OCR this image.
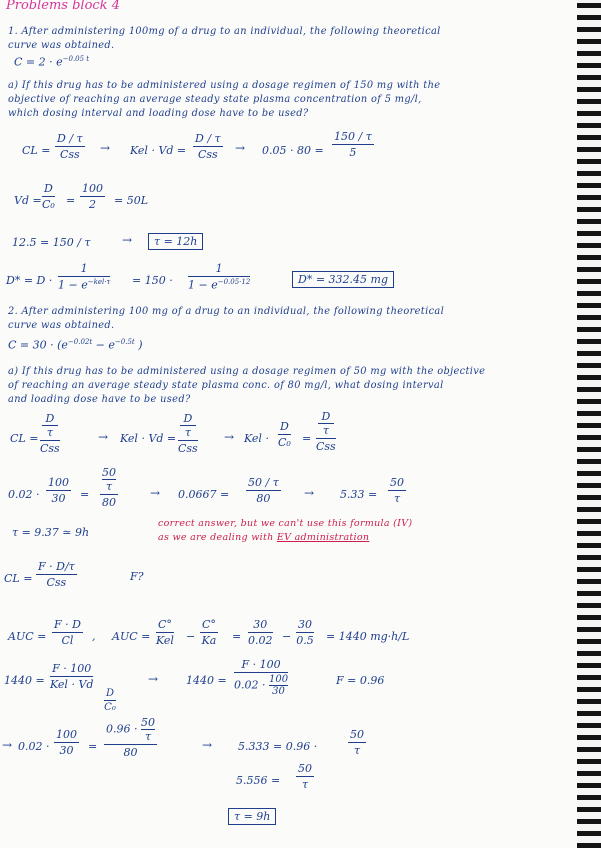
Problems block 4
1. After administering 100mg of a drug to an individual, the following theoretical
curve was obtained.
$C = 2 \cdot e^{-0.05 t}$
a) If this drug has to be administered using a dosage regimen of 150 mg with the
objective of reaching an average steady state plasma concentration of 5 mg/l,
which dosing interval and loading dose have to be used?
CL =
D / τ
Css	→ Kel · Vd =
D / τ
Css	→ $0.05 \cdot 80 = \frac{150 / \tau}{5}$
$Vd = \frac{D}{\text{C₀}} = \frac{100}{2} = 50L$
12.5 = 150 / τ	→	τ = 12h
D* = D ·
1
$1 - e^{-kel\cdot\tau} = 150 \cdot \frac{1}{1 - e^{-0.05\cdot 12}}$	D* = 332.45 mg
2. After administering 100 mg of a drug to an individual, the following theoretical
curve was obtained.
$C = 30 \cdot (e^{-0.02t} - e^{-0.5t}$ )
a) If this drug has to be administered using a dosage regimen of 50 mg with the objective
of reaching an average steady state plasma conc. of 80 mg/l, what dosing interval
and loading dose have to be used?
CL =
D
τ
Css
→ Kel · Vd =
D
τ
Css
→ Kel · $\frac{D}{\text{C₀}}$ =
D
τ
Css
$0.02 \cdot \frac{100}{30} = 50$
τ
80	→ $0.0667 = \frac{50 / \tau}{80} \to 5.33 = \frac{50}{\tau}$
τ = 9.37 ≃ 9h
correct answer, but we can't use this formula (IV)
as we are dealing with EV administration
CL =
F · D/τ
Css	F?
AUC = $\frac{F \cdot D}{Cl}$ , AUC =
C°
Kel − $\frac{C^\circ}{Ka} = \frac{30}{0.02} - \frac{30}{0.5} = 1440$ mg·h/L
1440 =
F · 100
Kel · Vd
$\frac{D}{\text{C₀}}$
→	$1440 = \frac{F \cdot 100}{0.02 \cdot \frac{100}{30}}$	F = 0.96
→ $0.02 \cdot \frac{100}{30} = \frac{0.96 \cdot \frac{50}{\tau}}{80}$	→ 5.333 = 0.96 ·	$\frac{50}{\tau}$
$5.556 = \frac{50}{\tau}$
τ = 9h
